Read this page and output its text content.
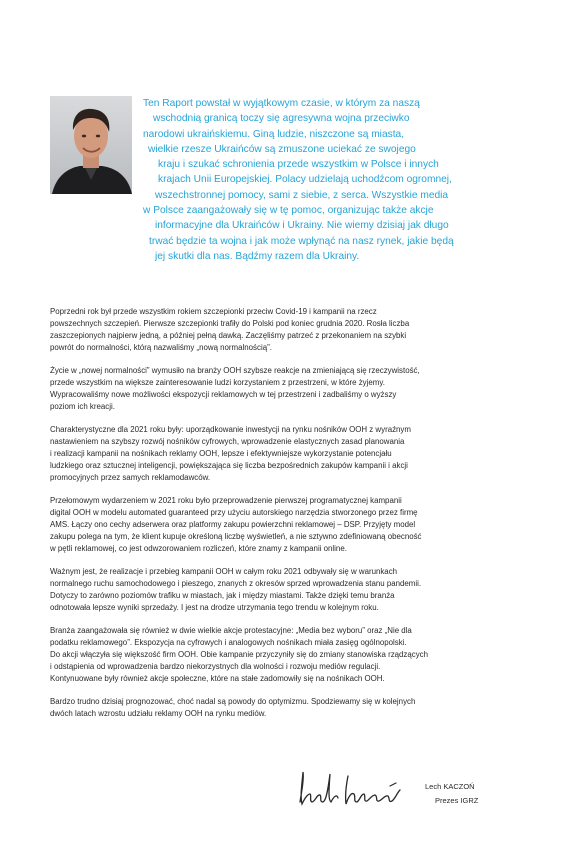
Ten Raport powstał w wyjątkowym czasie, w którym za naszą
wschodnią granicą toczy się agresywna wojna przeciwko
narodowi ukraińskiemu. Giną ludzie, niszczone są miasta,
wielkie rzesze Ukraińców są zmuszone uciekać ze swojego
kraju i szukać schronienia przede wszystkim w Polsce i innych
krajach Unii Europejskiej. Polacy udzielają uchodźcom ogromnej,
wszechstronnej pomocy, sami z siebie, z serca. Wszystkie media
w Polsce zaangażowały się w tę pomoc, organizując także akcje
informacyjne dla Ukraińców i Ukrainy. Nie wiemy dzisiaj jak długo
trwać będzie ta wojna i jak może wpłynąć na nasz rynek, jakie będą
jej skutki dla nas. Bądźmy razem dla Ukrainy.

Poprzedni rok był przede wszystkim rokiem szczepionki przeciw Covid-19 i kampanii na rzecz
powszechnych szczepień. Pierwsze szczepionki trafiły do Polski pod koniec grudnia 2020. Rosła liczba
zaszczepionych najpierw jedną, a później pełną dawką. Zaczęliśmy patrzeć z przekonaniem na szybki
powrót do normalności, którą nazwaliśmy „nową normalnością”.

Życie w „nowej normalności” wymusiło na branży OOH szybsze reakcje na zmieniającą się rzeczywistość,
przede wszystkim na większe zainteresowanie ludzi korzystaniem z przestrzeni, w które żyjemy.
Wypracowaliśmy nowe możliwości ekspozycji reklamowych w tej przestrzeni i zadbaliśmy o wyższy
poziom ich kreacji.

Charakterystyczne dla 2021 roku były: uporządkowanie inwestycji na rynku nośników OOH z wyraźnym
nastawieniem na szybszy rozwój nośników cyfrowych, wprowadzenie elastycznych zasad planowania
i realizacji kampanii na nośnikach reklamy OOH, lepsze i efektywniejsze wykorzystanie potencjału
ludzkiego oraz sztucznej inteligencji, powiększająca się liczba bezpośrednich zakupów kampanii i akcji
promocyjnych przez samych reklamodawców.

Przełomowym wydarzeniem w 2021 roku było przeprowadzenie pierwszej programatycznej kampanii
digital OOH w modelu automated guaranteed przy użyciu autorskiego narzędzia stworzonego przez firmę
AMS. Łączy ono cechy adserwera oraz platformy zakupu powierzchni reklamowej – DSP. Przyjęty model
zakupu polega na tym, że klient kupuje określoną liczbę wyświetleń, a nie sztywno zdefiniowaną obecność
w pętli reklamowej, co jest odwzorowaniem rozliczeń, które znamy z kampanii online.

Ważnym jest, że realizacje i przebieg kampanii OOH w całym roku 2021 odbywały się w warunkach
normalnego ruchu samochodowego i pieszego, znanych z okresów sprzed wprowadzenia stanu pandemii.
Dotyczy to zarówno poziomów trafiku w miastach, jak i między miastami. Także dzięki temu branża
odnotowała lepsze wyniki sprzedaży. I jest na drodze utrzymania tego trendu w kolejnym roku.

Branża zaangażowała się również w dwie wielkie akcje protestacyjne: „Media bez wyboru” oraz „Nie dla
podatku reklamowego”. Ekspozycja na cyfrowych i analogowych nośnikach miała zasięg ogólnopolski.
Do akcji włączyła się większość firm OOH. Obie kampanie przyczyniły się do zmiany stanowiska rządzących
i odstąpienia od wprowadzenia bardzo niekorzystnych dla wolności i rozwoju mediów regulacji.
Kontynuowane były również akcje społeczne, które na stałe zadomowiły się na nośnikach OOH.

Bardzo trudno dzisiaj prognozować, choć nadal są powody do optymizmu. Spodziewamy się w kolejnych
dwóch latach wzrostu udziału reklamy OOH na rynku mediów.

Lech KACZOŃ

Prezes IGRZ
